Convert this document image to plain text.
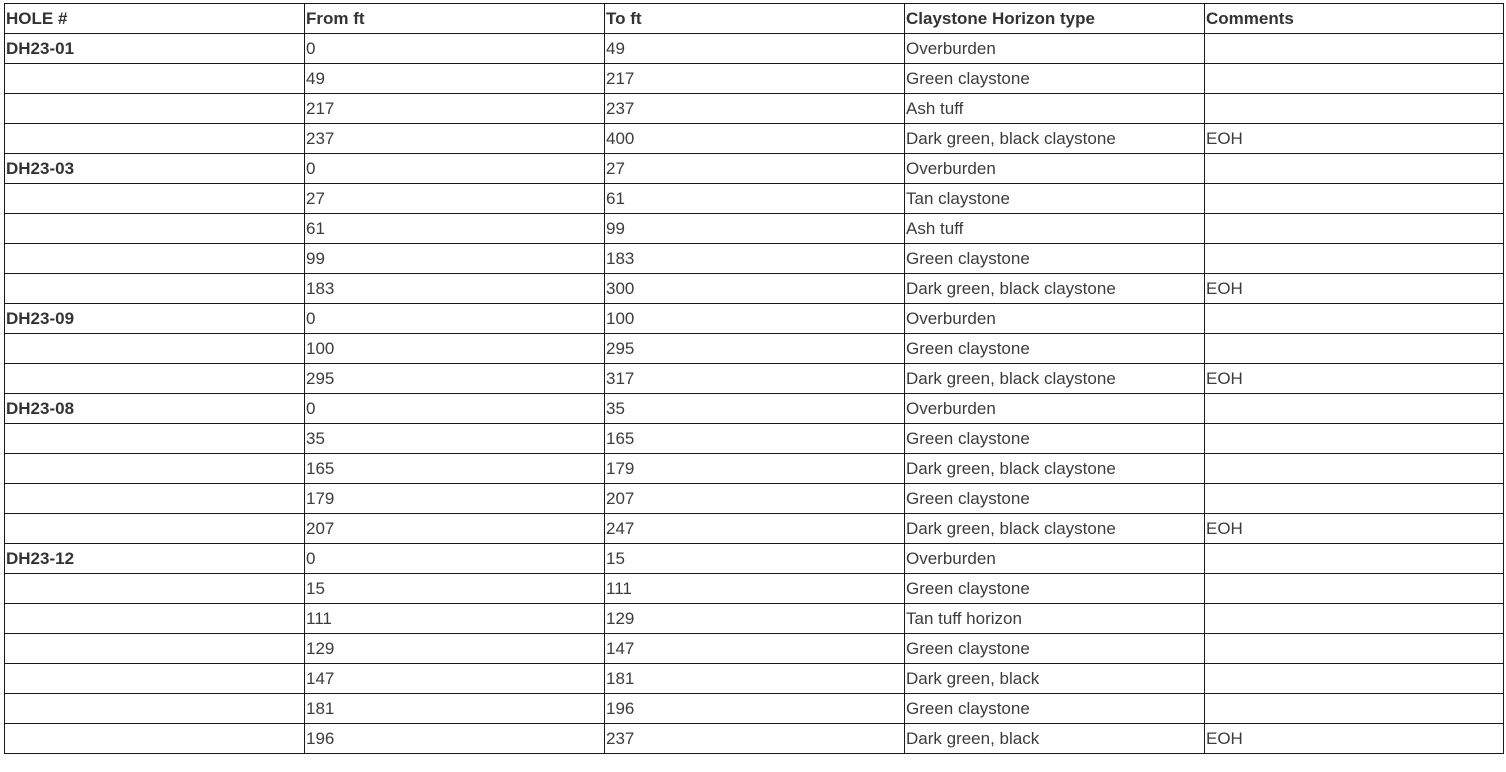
HOLE #	From ft	To ft	Claystone Horizon type	Comments
DH23-01	0	49	Overburden	
	49	217	Green claystone	
	217	237	Ash tuff	
	237	400	Dark green, black claystone	EOH
DH23-03	0	27	Overburden	
	27	61	Tan claystone	
	61	99	Ash tuff	
	99	183	Green claystone	
	183	300	Dark green, black claystone	EOH
DH23-09	0	100	Overburden	
	100	295	Green claystone	
	295	317	Dark green, black claystone	EOH
DH23-08	0	35	Overburden	
	35	165	Green claystone	
	165	179	Dark green, black claystone	
	179	207	Green claystone	
	207	247	Dark green, black claystone	EOH
DH23-12	0	15	Overburden	
	15	111	Green claystone	
	111	129	Tan tuff horizon	
	129	147	Green claystone	
	147	181	Dark green, black	
	181	196	Green claystone	
	196	237	Dark green, black	EOH
